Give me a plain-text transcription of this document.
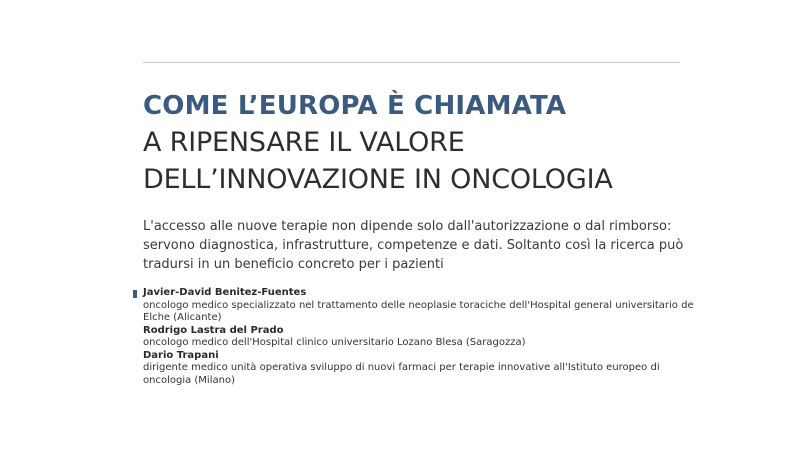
COME L’EUROPA È CHIAMATA
A RIPENSARE IL VALORE
DELL’INNOVAZIONE IN ONCOLOGIA
L'accesso alle nuove terapie non dipende solo dall'autorizzazione o dal rimborso: servono diagnostica, infrastrutture, competenze e dati. Soltanto così la ricerca può tradursi in un beneficio concreto per i pazienti
Javier-David Benitez-Fuentes
oncologo medico specializzato nel trattamento delle neoplasie toraciche dell'Hospital general universitario de Elche (Alicante)
Rodrigo Lastra del Prado
oncologo medico dell'Hospital clinico universitario Lozano Blesa (Saragozza)
Dario Trapani
dirigente medico unità operativa sviluppo di nuovi farmaci per terapie innovative all'Istituto europeo di oncologia (Milano)
